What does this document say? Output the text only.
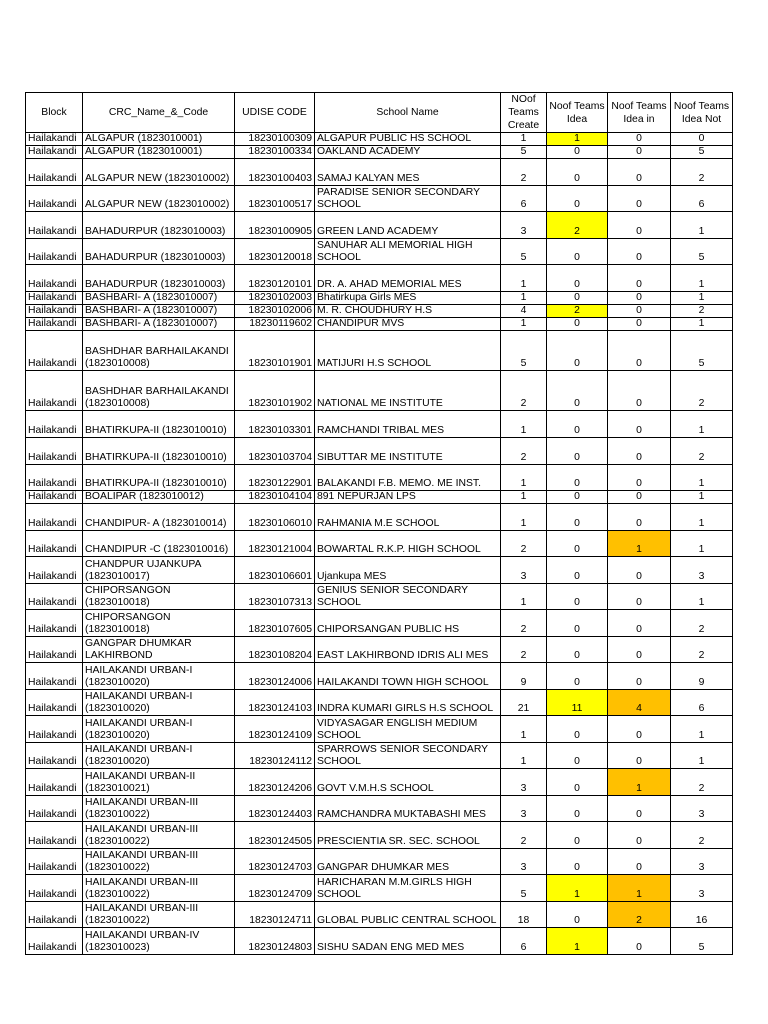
Block	CRC_Name_&_Code	UDISE CODE	School Name	NOof Teams Create	Noof Teams Idea	Noof Teams Idea in	Noof Teams Idea Not
Hailakandi	ALGAPUR (1823010001)	18230100309	ALGAPUR PUBLIC HS SCHOOL	1	1	0	0
Hailakandi	ALGAPUR (1823010001)	18230100334	OAKLAND ACADEMY	5	0	0	5
Hailakandi	ALGAPUR NEW (1823010002)	18230100403	SAMAJ KALYAN MES	2	0	0	2
Hailakandi	ALGAPUR NEW (1823010002)	18230100517	PARADISE SENIOR SECONDARY SCHOOL	6	0	0	6
Hailakandi	BAHADURPUR (1823010003)	18230100905	GREEN LAND ACADEMY	3	2	0	1
Hailakandi	BAHADURPUR (1823010003)	18230120018	SANUHAR ALI MEMORIAL HIGH SCHOOL	5	0	0	5
Hailakandi	BAHADURPUR (1823010003)	18230120101	DR. A. AHAD MEMORIAL MES	1	0	0	1
Hailakandi	BASHBARI- A (1823010007)	18230102003	Bhatirkupa Girls MES	1	0	0	1
Hailakandi	BASHBARI- A (1823010007)	18230102006	M. R. CHOUDHURY H.S	4	2	0	2
Hailakandi	BASHBARI- A (1823010007)	18230119602	CHANDIPUR MVS	1	0	0	1
Hailakandi	BASHDHAR BARHAILAKANDI (1823010008)	18230101901	MATIJURI H.S SCHOOL	5	0	0	5
Hailakandi	BASHDHAR BARHAILAKANDI (1823010008)	18230101902	NATIONAL ME INSTITUTE	2	0	0	2
Hailakandi	BHATIRKUPA-II (1823010010)	18230103301	RAMCHANDI TRIBAL MES	1	0	0	1
Hailakandi	BHATIRKUPA-II (1823010010)	18230103704	SIBUTTAR ME INSTITUTE	2	0	0	2
Hailakandi	BHATIRKUPA-II (1823010010)	18230122901	BALAKANDI F.B. MEMO. ME INST.	1	0	0	1
Hailakandi	BOALIPAR (1823010012)	18230104104	891 NEPURJAN LPS	1	0	0	1
Hailakandi	CHANDIPUR- A (1823010014)	18230106010	RAHMANIA M.E SCHOOL	1	0	0	1
Hailakandi	CHANDIPUR -C (1823010016)	18230121004	BOWARTAL R.K.P. HIGH SCHOOL	2	0	1	1
Hailakandi	CHANDPUR UJANKUPA (1823010017)	18230106601	Ujankupa MES	3	0	0	3
Hailakandi	CHIPORSANGON (1823010018)	18230107313	GENIUS SENIOR SECONDARY SCHOOL	1	0	0	1
Hailakandi	CHIPORSANGON (1823010018)	18230107605	CHIPORSANGAN PUBLIC HS	2	0	0	2
Hailakandi	GANGPAR DHUMKAR LAKHIRBOND	18230108204	EAST LAKHIRBOND IDRIS ALI MES	2	0	0	2
Hailakandi	HAILAKANDI URBAN-I (1823010020)	18230124006	HAILAKANDI TOWN HIGH SCHOOL	9	0	0	9
Hailakandi	HAILAKANDI URBAN-I (1823010020)	18230124103	INDRA KUMARI GIRLS H.S SCHOOL	21	11	4	6
Hailakandi	HAILAKANDI URBAN-I (1823010020)	18230124109	VIDYASAGAR ENGLISH MEDIUM SCHOOL	1	0	0	1
Hailakandi	HAILAKANDI URBAN-I (1823010020)	18230124112	SPARROWS SENIOR SECONDARY SCHOOL	1	0	0	1
Hailakandi	HAILAKANDI URBAN-II (1823010021)	18230124206	GOVT V.M.H.S SCHOOL	3	0	1	2
Hailakandi	HAILAKANDI URBAN-III (1823010022)	18230124403	RAMCHANDRA MUKTABASHI MES	3	0	0	3
Hailakandi	HAILAKANDI URBAN-III (1823010022)	18230124505	PRESCIENTIA SR. SEC. SCHOOL	2	0	0	2
Hailakandi	HAILAKANDI URBAN-III (1823010022)	18230124703	GANGPAR DHUMKAR MES	3	0	0	3
Hailakandi	HAILAKANDI URBAN-III (1823010022)	18230124709	HARICHARAN M.M.GIRLS HIGH SCHOOL	5	1	1	3
Hailakandi	HAILAKANDI URBAN-III (1823010022)	18230124711	GLOBAL PUBLIC CENTRAL SCHOOL	18	0	2	16
Hailakandi	HAILAKANDI URBAN-IV (1823010023)	18230124803	SISHU SADAN ENG MED MES	6	1	0	5
